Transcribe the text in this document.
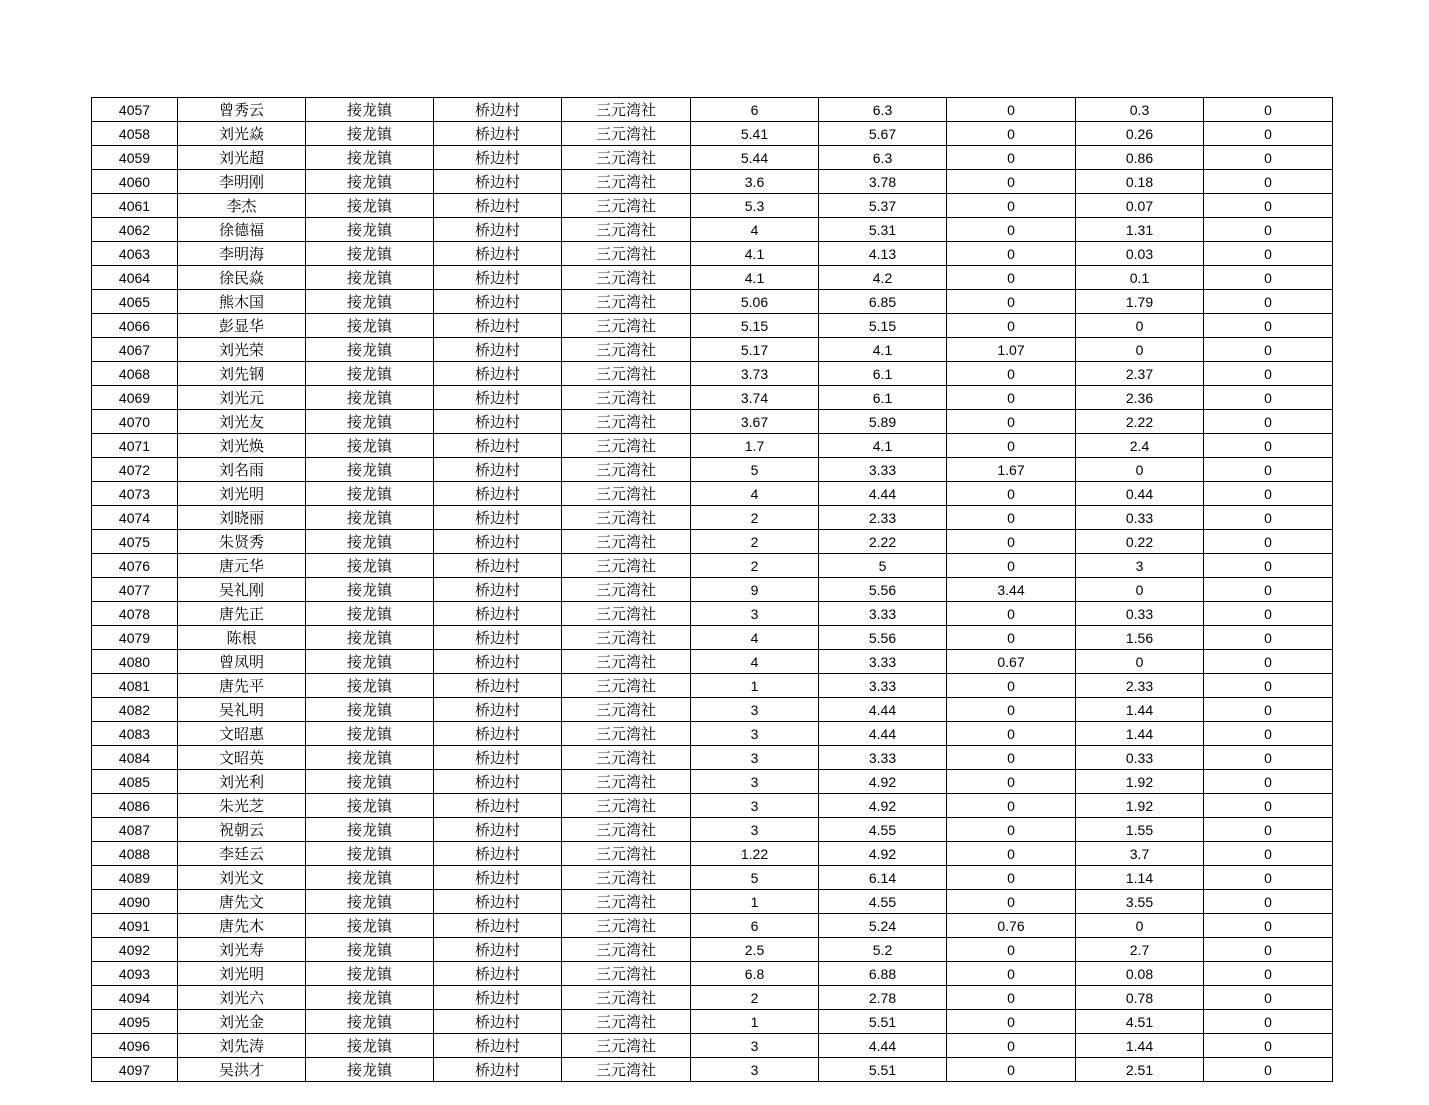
4057	曾秀云	接龙镇	桥边村	三元湾社	6	6.3	0	0.3	0
4058	刘光焱	接龙镇	桥边村	三元湾社	5.41	5.67	0	0.26	0
4059	刘光超	接龙镇	桥边村	三元湾社	5.44	6.3	0	0.86	0
4060	李明刚	接龙镇	桥边村	三元湾社	3.6	3.78	0	0.18	0
4061	李杰	接龙镇	桥边村	三元湾社	5.3	5.37	0	0.07	0
4062	徐德福	接龙镇	桥边村	三元湾社	4	5.31	0	1.31	0
4063	李明海	接龙镇	桥边村	三元湾社	4.1	4.13	0	0.03	0
4064	徐民焱	接龙镇	桥边村	三元湾社	4.1	4.2	0	0.1	0
4065	熊木国	接龙镇	桥边村	三元湾社	5.06	6.85	0	1.79	0
4066	彭显华	接龙镇	桥边村	三元湾社	5.15	5.15	0	0	0
4067	刘光荣	接龙镇	桥边村	三元湾社	5.17	4.1	1.07	0	0
4068	刘先钢	接龙镇	桥边村	三元湾社	3.73	6.1	0	2.37	0
4069	刘光元	接龙镇	桥边村	三元湾社	3.74	6.1	0	2.36	0
4070	刘光友	接龙镇	桥边村	三元湾社	3.67	5.89	0	2.22	0
4071	刘光焕	接龙镇	桥边村	三元湾社	1.7	4.1	0	2.4	0
4072	刘名雨	接龙镇	桥边村	三元湾社	5	3.33	1.67	0	0
4073	刘光明	接龙镇	桥边村	三元湾社	4	4.44	0	0.44	0
4074	刘晓丽	接龙镇	桥边村	三元湾社	2	2.33	0	0.33	0
4075	朱贤秀	接龙镇	桥边村	三元湾社	2	2.22	0	0.22	0
4076	唐元华	接龙镇	桥边村	三元湾社	2	5	0	3	0
4077	吴礼刚	接龙镇	桥边村	三元湾社	9	5.56	3.44	0	0
4078	唐先正	接龙镇	桥边村	三元湾社	3	3.33	0	0.33	0
4079	陈根	接龙镇	桥边村	三元湾社	4	5.56	0	1.56	0
4080	曾凤明	接龙镇	桥边村	三元湾社	4	3.33	0.67	0	0
4081	唐先平	接龙镇	桥边村	三元湾社	1	3.33	0	2.33	0
4082	吴礼明	接龙镇	桥边村	三元湾社	3	4.44	0	1.44	0
4083	文昭惠	接龙镇	桥边村	三元湾社	3	4.44	0	1.44	0
4084	文昭英	接龙镇	桥边村	三元湾社	3	3.33	0	0.33	0
4085	刘光利	接龙镇	桥边村	三元湾社	3	4.92	0	1.92	0
4086	朱光芝	接龙镇	桥边村	三元湾社	3	4.92	0	1.92	0
4087	祝朝云	接龙镇	桥边村	三元湾社	3	4.55	0	1.55	0
4088	李廷云	接龙镇	桥边村	三元湾社	1.22	4.92	0	3.7	0
4089	刘光文	接龙镇	桥边村	三元湾社	5	6.14	0	1.14	0
4090	唐先文	接龙镇	桥边村	三元湾社	1	4.55	0	3.55	0
4091	唐先木	接龙镇	桥边村	三元湾社	6	5.24	0.76	0	0
4092	刘光寿	接龙镇	桥边村	三元湾社	2.5	5.2	0	2.7	0
4093	刘光明	接龙镇	桥边村	三元湾社	6.8	6.88	0	0.08	0
4094	刘光六	接龙镇	桥边村	三元湾社	2	2.78	0	0.78	0
4095	刘光金	接龙镇	桥边村	三元湾社	1	5.51	0	4.51	0
4096	刘先涛	接龙镇	桥边村	三元湾社	3	4.44	0	1.44	0
4097	吴洪才	接龙镇	桥边村	三元湾社	3	5.51	0	2.51	0
